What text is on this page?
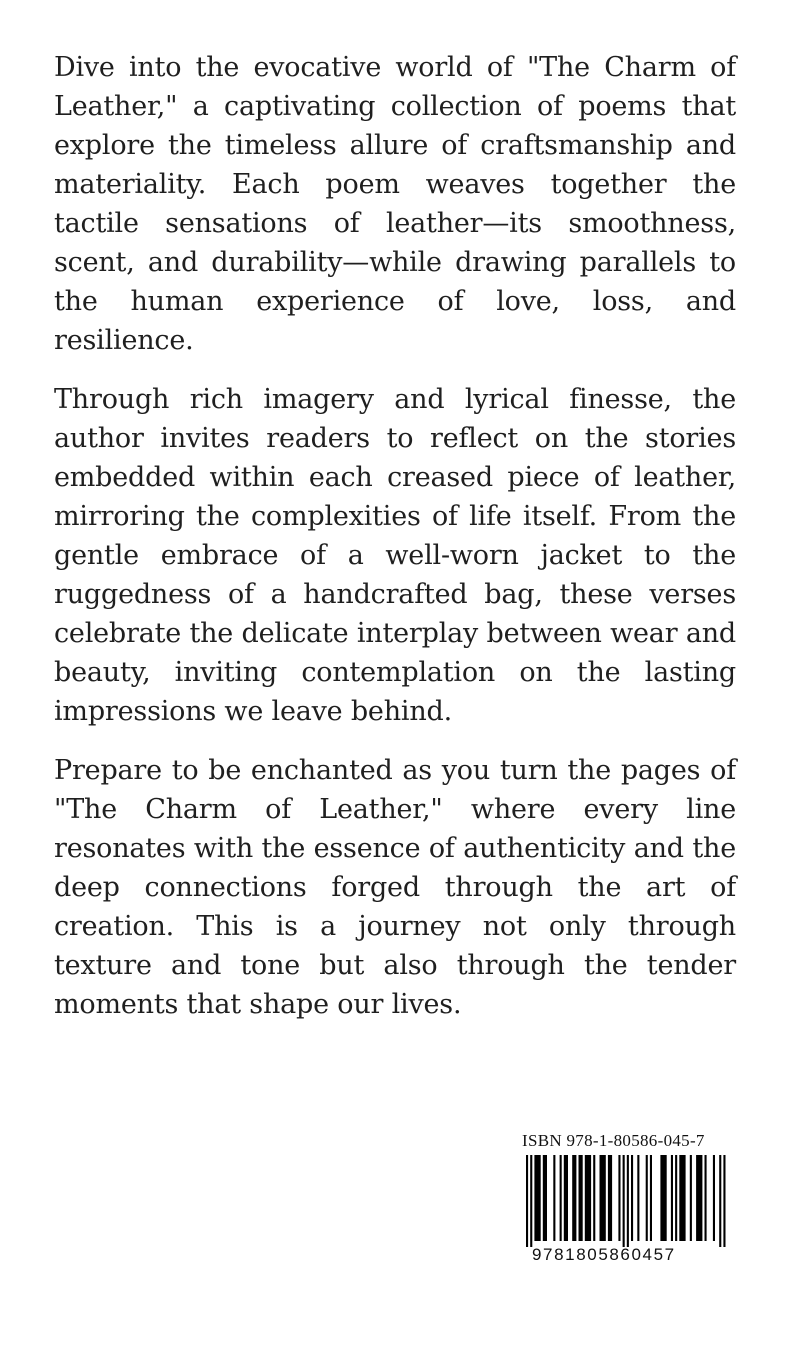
Dive into the evocative world of "The Charm of Leather," a captivating collection of poems that explore the timeless allure of craftsmanship and materiality. Each poem weaves together the tactile sensations of leather—its smoothness, scent, and durability—while drawing parallels to the human experience of love, loss, and resilience.

Through rich imagery and lyrical finesse, the author invites readers to reflect on the stories embedded within each creased piece of leather, mirroring the complexities of life itself. From the gentle embrace of a well-worn jacket to the ruggedness of a handcrafted bag, these verses celebrate the delicate interplay between wear and beauty, inviting contemplation on the lasting impressions we leave behind.

Prepare to be enchanted as you turn the pages of "The Charm of Leather," where every line resonates with the essence of authenticity and the deep connections forged through the art of creation. This is a journey not only through texture and tone but also through the tender moments that shape our lives.

ISBN 978-1-80586-045-7
9781805860457
